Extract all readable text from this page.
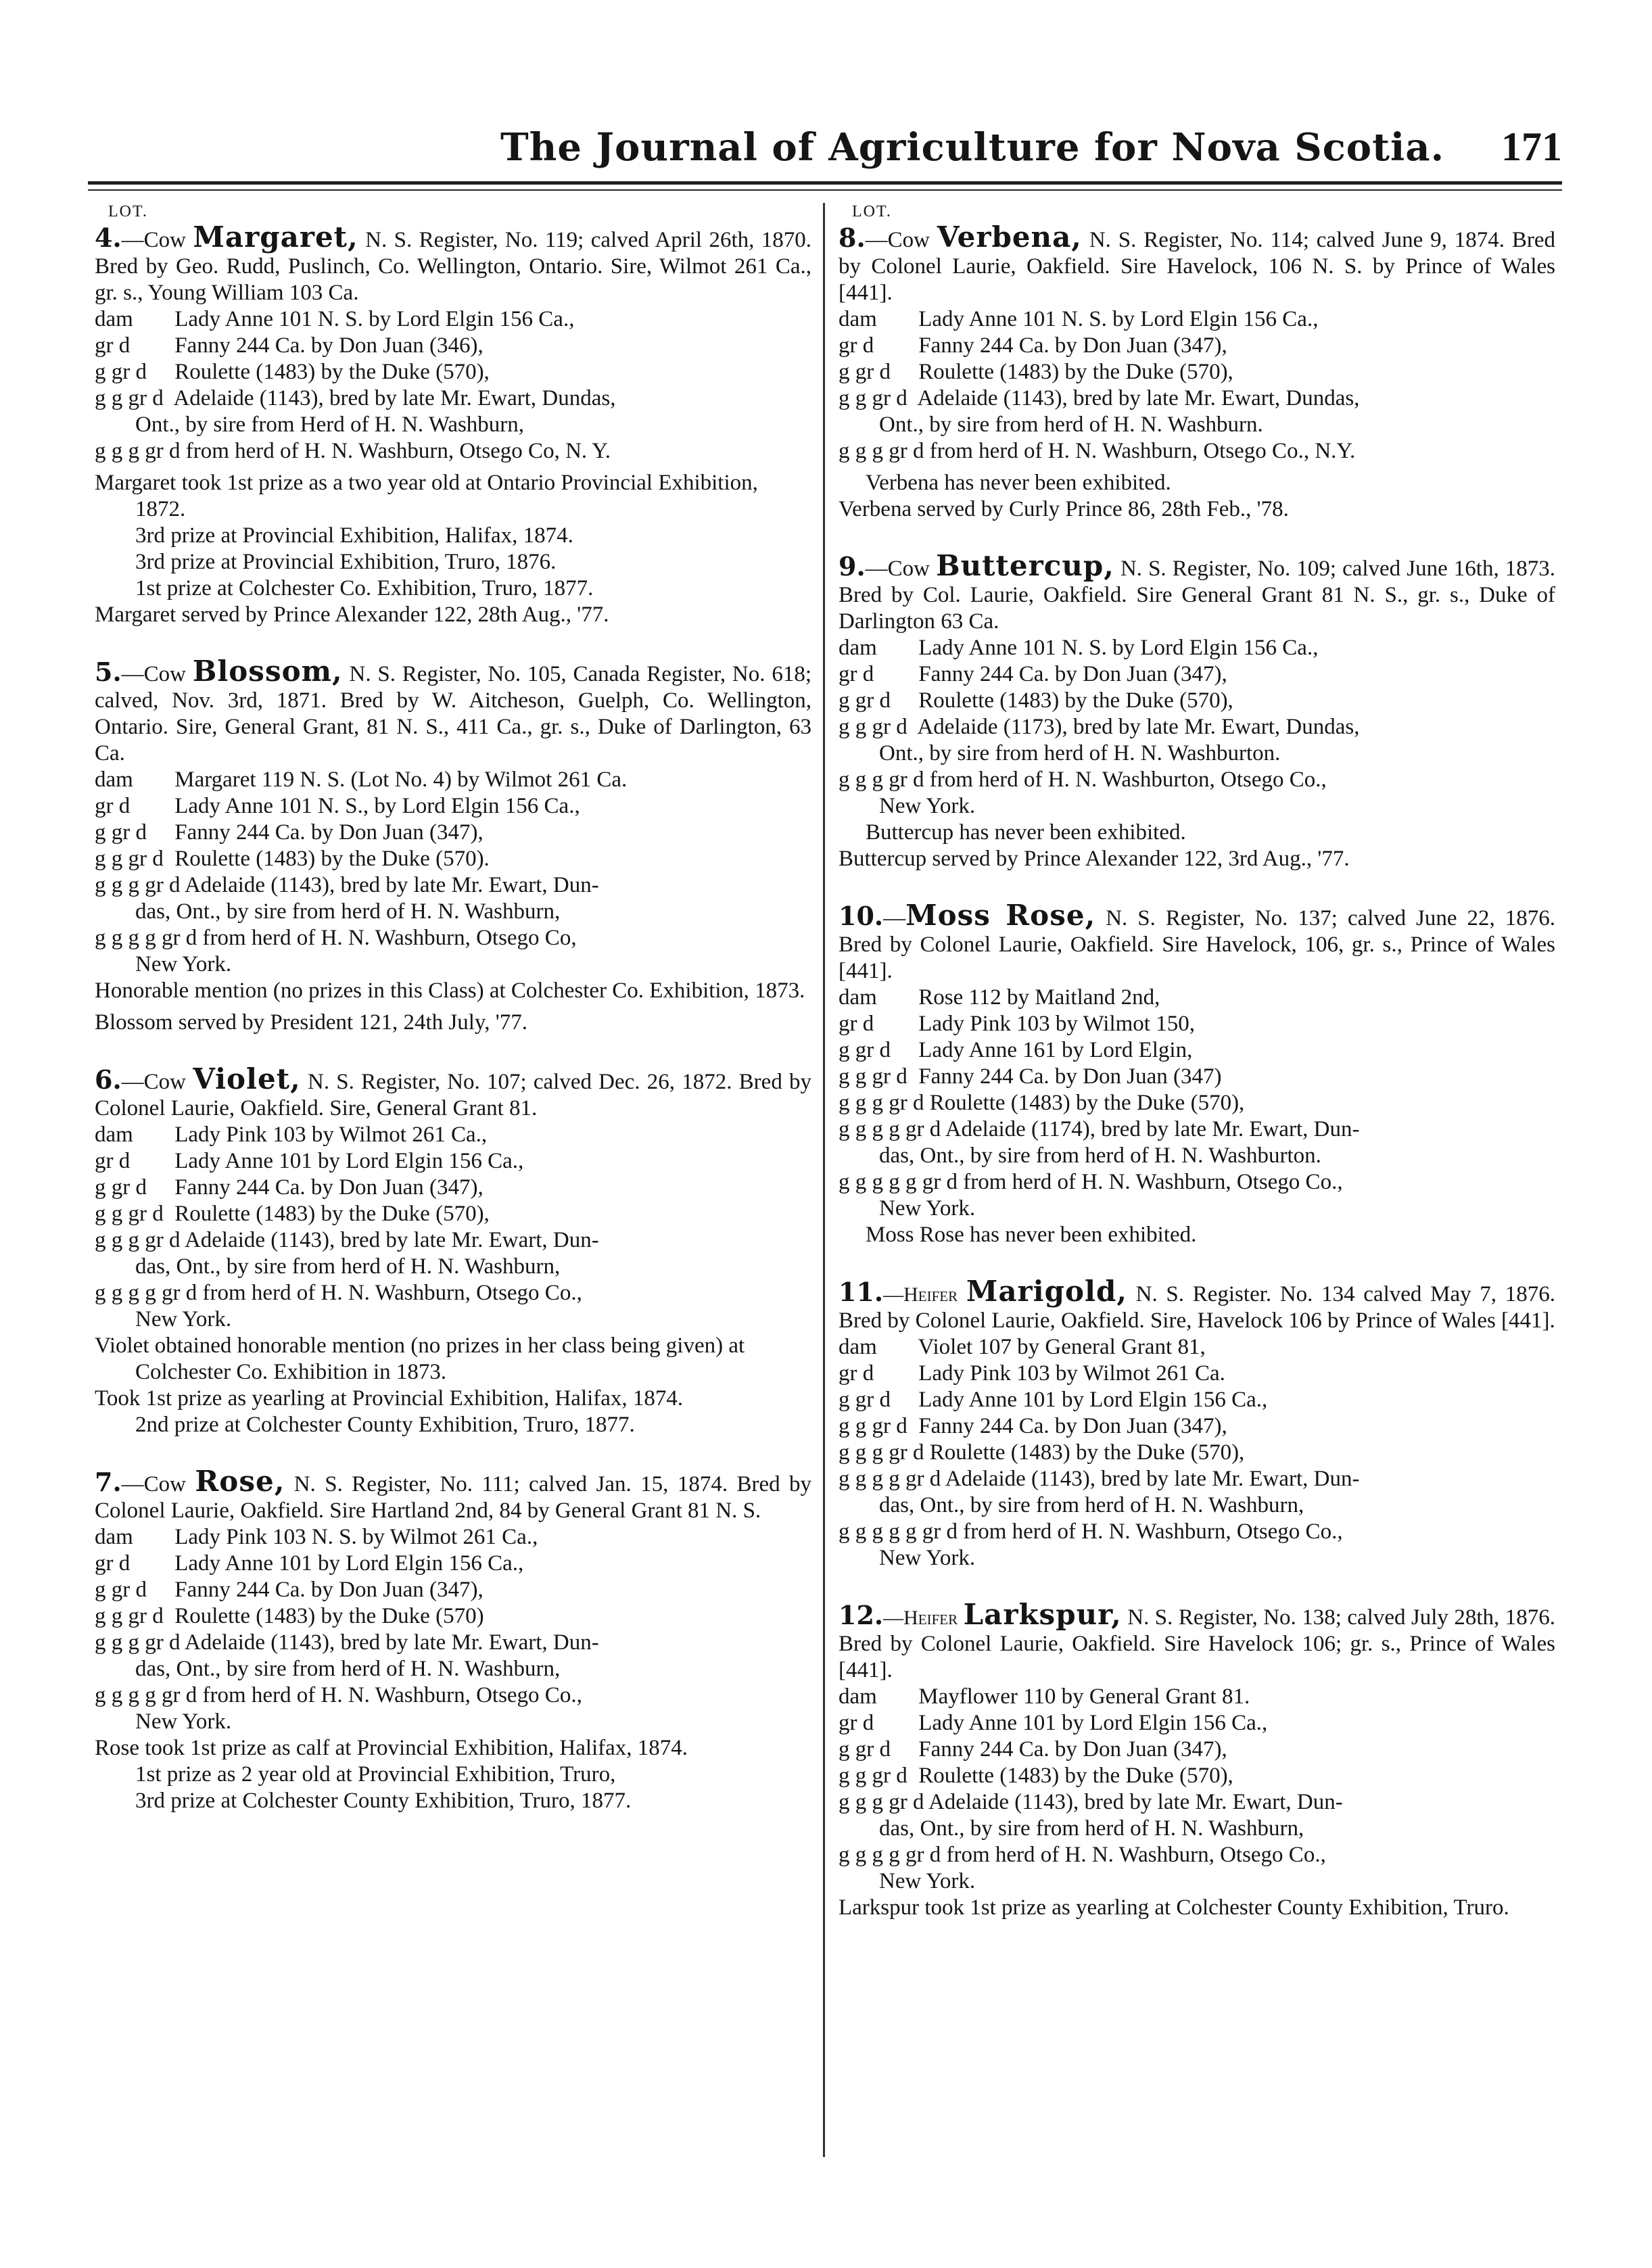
The Journal of Agriculture for Nova Scotia. 171
LOT.

4.—Cow Margaret, N. S. Register, No. 119; calved April 26th, 1870. Bred by Geo. Rudd, Puslinch, Co. Wellington, Ontario. Sire, Wilmot 261 Ca., gr. s., Young William 103 Ca.

dam Lady Anne 101 N. S. by Lord Elgin 156 Ca.,

gr d Fanny 244 Ca. by Don Juan (346),

g gr d Roulette (1483) by the Duke (570),

g g gr d Adelaide (1143), bred by late Mr. Ewart, Dundas,
Ont., by sire from Herd of H. N. Washburn,

g g g gr d from herd of H. N. Washburn, Otsego Co, N. Y.

Margaret took 1st prize as a two year old at Ontario Provincial Exhibition, 1872.

3rd prize at Provincial Exhibition, Halifax, 1874.

3rd prize at Provincial Exhibition, Truro, 1876.

1st prize at Colchester Co. Exhibition, Truro, 1877.

Margaret served by Prince Alexander 122, 28th Aug., '77.

5.—Cow Blossom, N. S. Register, No. 105, Canada Register, No. 618; calved, Nov. 3rd, 1871. Bred by W. Aitcheson, Guelph, Co. Wellington, Ontario. Sire, General Grant, 81 N. S., 411 Ca., gr. s., Duke of Darlington, 63 Ca.

dam Margaret 119 N. S. (Lot No. 4) by Wilmot 261 Ca.

gr d Lady Anne 101 N. S., by Lord Elgin 156 Ca.,

g gr d Fanny 244 Ca. by Don Juan (347),

g g gr d Roulette (1483) by the Duke (570).

g g g gr d Adelaide (1143), bred by late Mr. Ewart, Dun-
das, Ont., by sire from herd of H. N. Washburn,

g g g g gr d from herd of H. N. Washburn, Otsego Co,
New York.

Honorable mention (no prizes in this Class) at Colchester Co. Exhibition, 1873.

Blossom served by President 121, 24th July, '77.

6.—Cow Violet, N. S. Register, No. 107; calved Dec. 26, 1872. Bred by Colonel Laurie, Oakfield. Sire, General Grant 81.

dam Lady Pink 103 by Wilmot 261 Ca.,

gr d Lady Anne 101 by Lord Elgin 156 Ca.,

g gr d Fanny 244 Ca. by Don Juan (347),

g g gr d Roulette (1483) by the Duke (570),

g g g gr d Adelaide (1143), bred by late Mr. Ewart, Dun-
das, Ont., by sire from herd of H. N. Washburn,

g g g g gr d from herd of H. N. Washburn, Otsego Co.,
New York.

Violet obtained honorable mention (no prizes in her class being given) at Colchester Co. Exhibition in 1873.

Took 1st prize as yearling at Provincial Exhibition, Halifax, 1874.

2nd prize at Colchester County Exhibition, Truro, 1877.

7.—Cow Rose, N. S. Register, No. 111; calved Jan. 15, 1874. Bred by Colonel Laurie, Oakfield. Sire Hartland 2nd, 84 by General Grant 81 N. S.

dam Lady Pink 103 N. S. by Wilmot 261 Ca.,

gr d Lady Anne 101 by Lord Elgin 156 Ca.,

g gr d Fanny 244 Ca. by Don Juan (347),

g g gr d Roulette (1483) by the Duke (570)

g g g gr d Adelaide (1143), bred by late Mr. Ewart, Dun-
das, Ont., by sire from herd of H. N. Washburn,

g g g g gr d from herd of H. N. Washburn, Otsego Co.,
New York.

Rose took 1st prize as calf at Provincial Exhibition, Halifax, 1874.

1st prize as 2 year old at Provincial Exhibition, Truro,

3rd prize at Colchester County Exhibition, Truro, 1877.

LOT.

8.—Cow Verbena, N. S. Register, No. 114; calved June 9, 1874. Bred by Colonel Laurie, Oakfield. Sire Havelock, 106 N. S. by Prince of Wales [441].

dam Lady Anne 101 N. S. by Lord Elgin 156 Ca.,

gr d Fanny 244 Ca. by Don Juan (347),

g gr d Roulette (1483) by the Duke (570),

g g gr d Adelaide (1143), bred by late Mr. Ewart, Dundas,
Ont., by sire from herd of H. N. Washburn.

g g g gr d from herd of H. N. Washburn, Otsego Co., N.Y.

Verbena has never been exhibited.

Verbena served by Curly Prince 86, 28th Feb., '78.

9.—Cow Buttercup, N. S. Register, No. 109; calved June 16th, 1873. Bred by Col. Laurie, Oakfield. Sire General Grant 81 N. S., gr. s., Duke of Darlington 63 Ca.

dam Lady Anne 101 N. S. by Lord Elgin 156 Ca.,

gr d Fanny 244 Ca. by Don Juan (347),

g gr d Roulette (1483) by the Duke (570),

g g gr d Adelaide (1173), bred by late Mr. Ewart, Dundas,
Ont., by sire from herd of H. N. Washburton.

g g g gr d from herd of H. N. Washburton, Otsego Co.,
New York.

Buttercup has never been exhibited.

Buttercup served by Prince Alexander 122, 3rd Aug., '77.

10.—Moss Rose, N. S. Register, No. 137; calved June 22, 1876. Bred by Colonel Laurie, Oakfield. Sire Havelock, 106, gr. s., Prince of Wales [441].

dam Rose 112 by Maitland 2nd,

gr d Lady Pink 103 by Wilmot 150,

g gr d Lady Anne 161 by Lord Elgin,

g g gr d Fanny 244 Ca. by Don Juan (347)

g g g gr d Roulette (1483) by the Duke (570),

g g g g gr d Adelaide (1174), bred by late Mr. Ewart, Dun-
das, Ont., by sire from herd of H. N. Washburton.

g g g g g gr d from herd of H. N. Washburn, Otsego Co.,
New York.

Moss Rose has never been exhibited.

11.—Heifer Marigold, N. S. Register. No. 134 calved May 7, 1876. Bred by Colonel Laurie, Oakfield. Sire, Havelock 106 by Prince of Wales [441].

dam Violet 107 by General Grant 81,

gr d Lady Pink 103 by Wilmot 261 Ca.

g gr d Lady Anne 101 by Lord Elgin 156 Ca.,

g g gr d Fanny 244 Ca. by Don Juan (347),

g g g gr d Roulette (1483) by the Duke (570),

g g g g gr d Adelaide (1143), bred by late Mr. Ewart, Dun-
das, Ont., by sire from herd of H. N. Washburn,

g g g g g gr d from herd of H. N. Washburn, Otsego Co.,
New York.

12.—Heifer Larkspur, N. S. Register, No. 138; calved July 28th, 1876. Bred by Colonel Laurie, Oakfield. Sire Havelock 106; gr. s., Prince of Wales [441].

dam Mayflower 110 by General Grant 81.

gr d Lady Anne 101 by Lord Elgin 156 Ca.,

g gr d Fanny 244 Ca. by Don Juan (347),

g g gr d Roulette (1483) by the Duke (570),

g g g gr d Adelaide (1143), bred by late Mr. Ewart, Dun-
das, Ont., by sire from herd of H. N. Washburn,

g g g g gr d from herd of H. N. Washburn, Otsego Co.,
New York.

Larkspur took 1st prize as yearling at Colchester County Exhibition, Truro.
